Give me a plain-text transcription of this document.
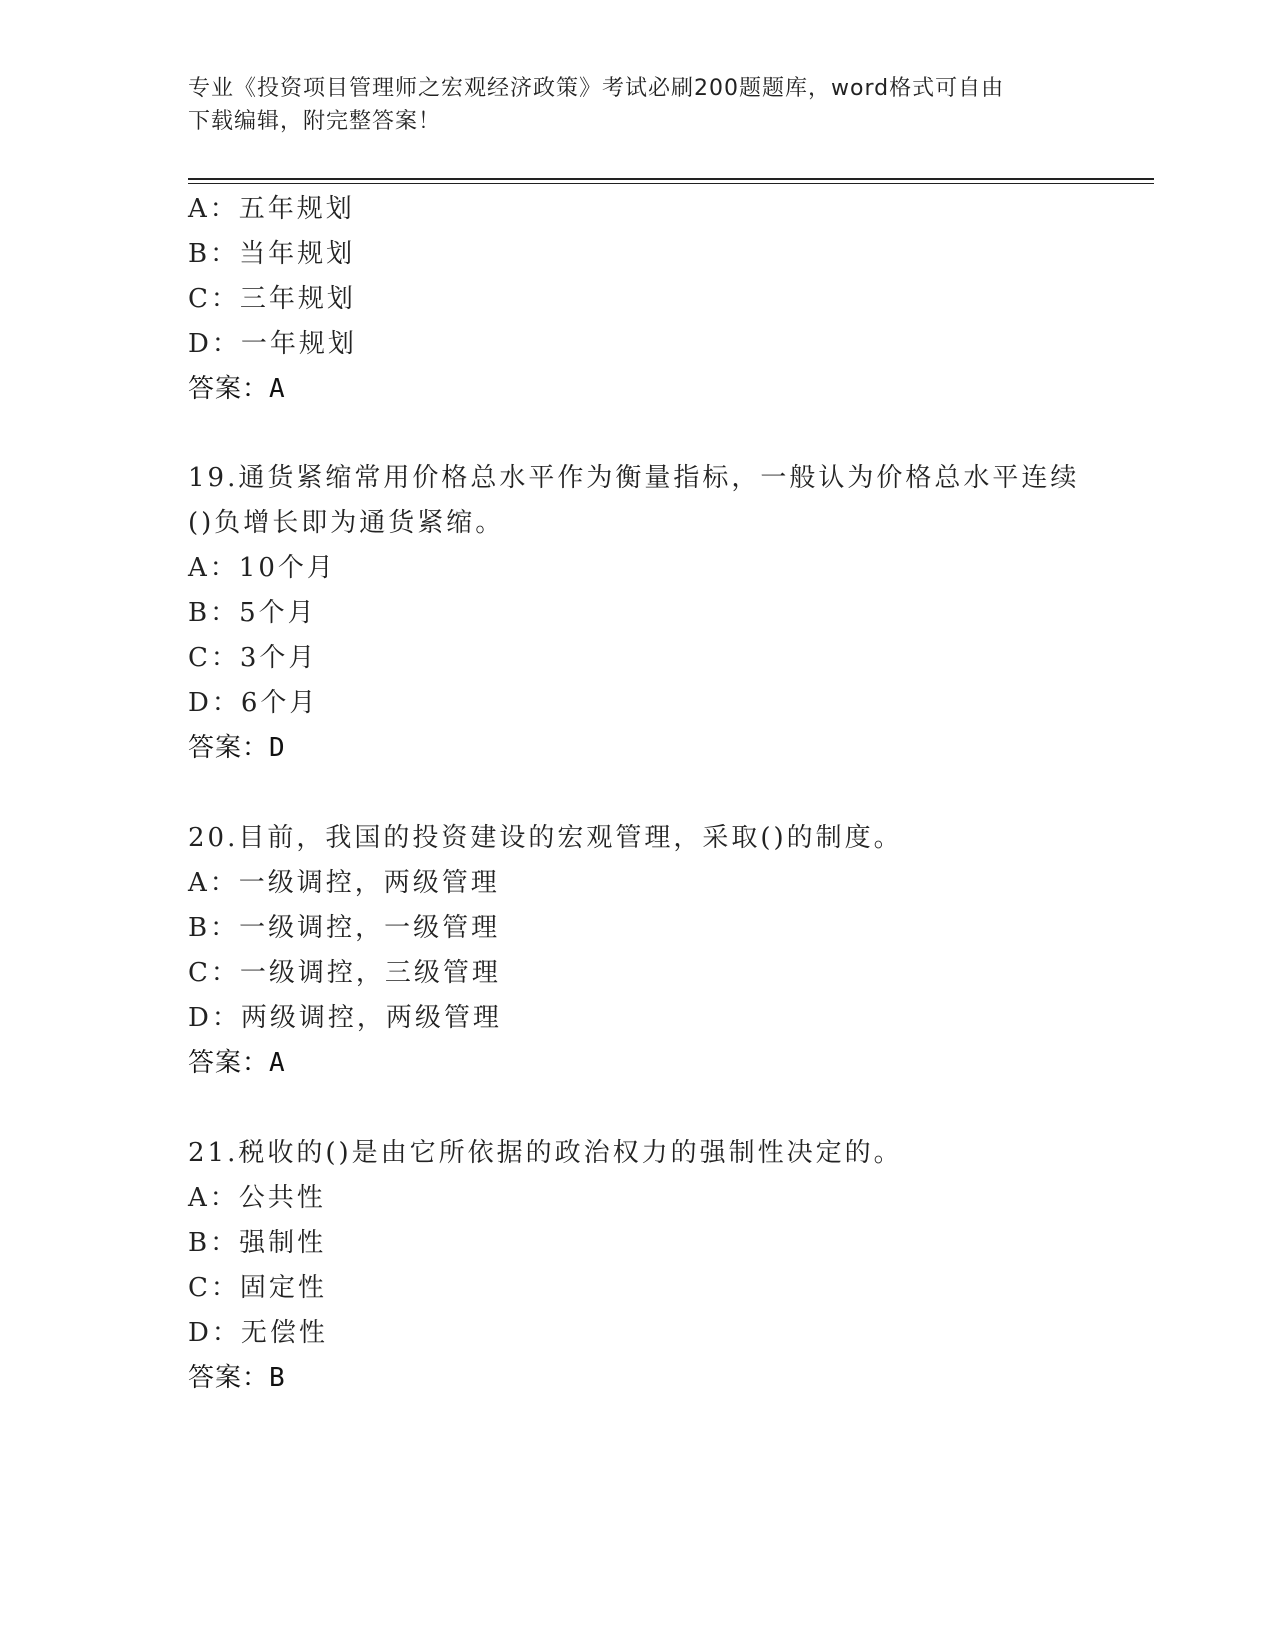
专业《投资项目管理师之宏观经济政策》考试必刷200题题库，word格式可自由
下载编辑，附完整答案！
A：五年规划
B：当年规划
C：三年规划
D：一年规划
答案：A
19.通货紧缩常用价格总水平作为衡量指标，一般认为价格总水平连续
()负增长即为通货紧缩。
A：10个月
B：5个月
C：3个月
D：6个月
答案：D
20.目前，我国的投资建设的宏观管理，采取()的制度。
A：一级调控，两级管理
B：一级调控，一级管理
C：一级调控，三级管理
D：两级调控，两级管理
答案：A
21.税收的()是由它所依据的政治权力的强制性决定的。
A：公共性
B：强制性
C：固定性
D：无偿性
答案：B
